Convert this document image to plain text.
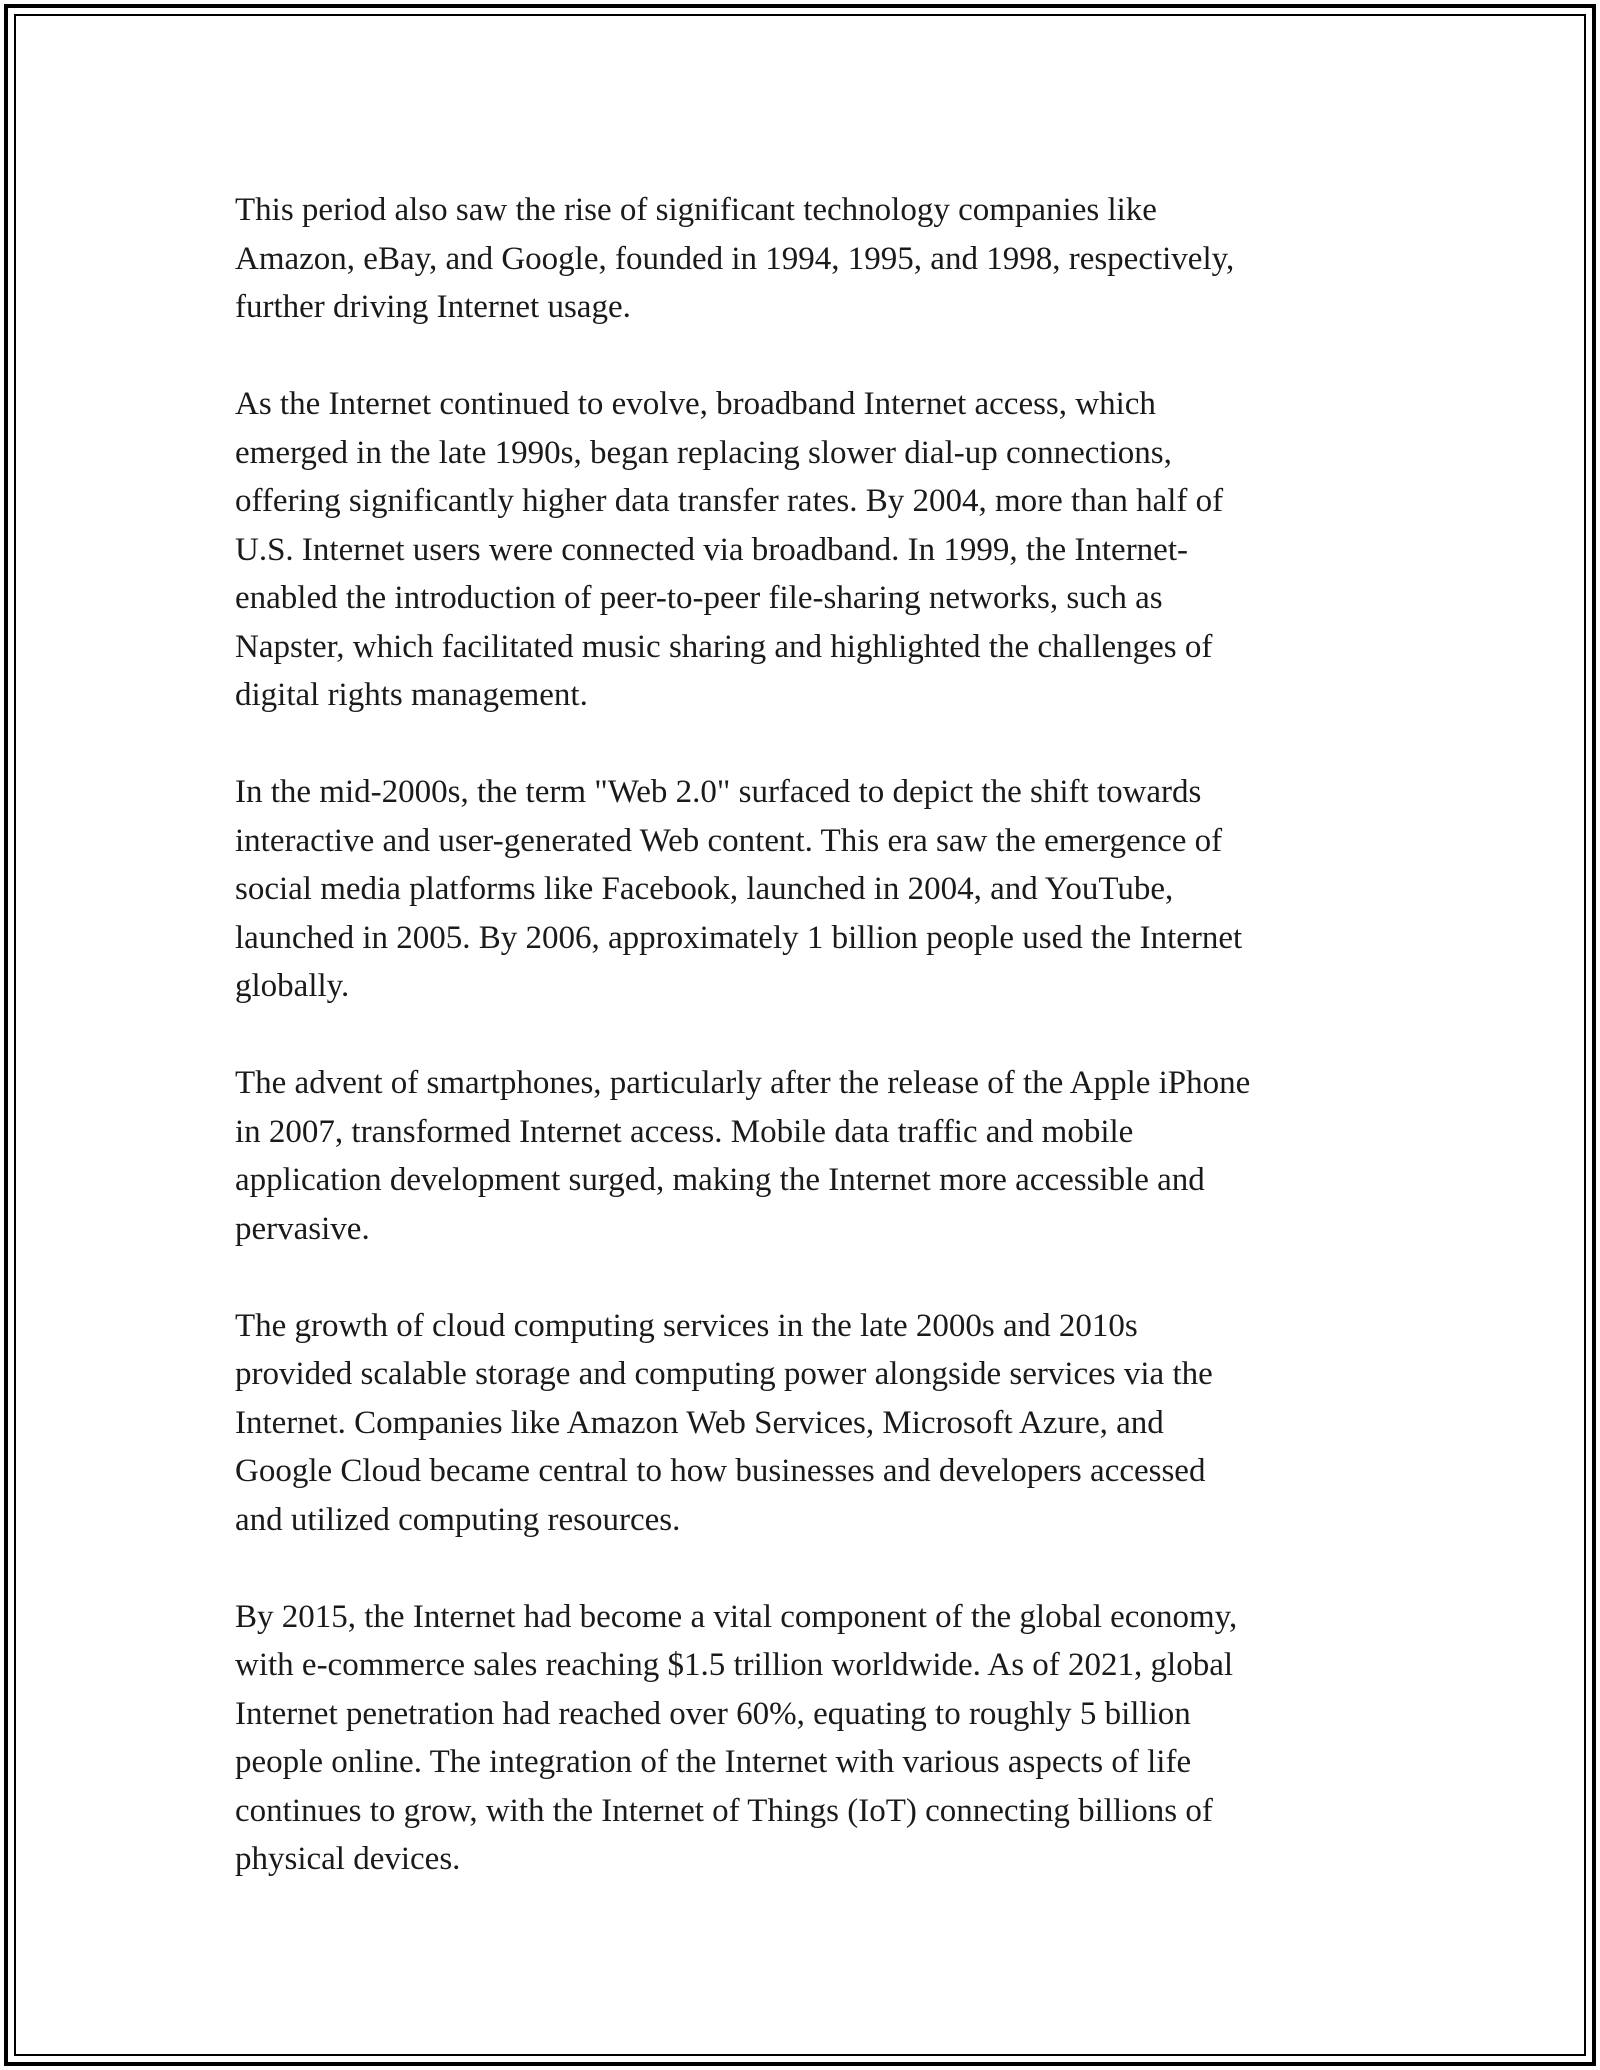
This period also saw the rise of significant technology companies like
Amazon, eBay, and Google, founded in 1994, 1995, and 1998, respectively,
further driving Internet usage.

As the Internet continued to evolve, broadband Internet access, which
emerged in the late 1990s, began replacing slower dial-up connections,
offering significantly higher data transfer rates. By 2004, more than half of
U.S. Internet users were connected via broadband. In 1999, the Internet-
enabled the introduction of peer-to-peer file-sharing networks, such as
Napster, which facilitated music sharing and highlighted the challenges of
digital rights management.

In the mid-2000s, the term "Web 2.0" surfaced to depict the shift towards
interactive and user-generated Web content. This era saw the emergence of
social media platforms like Facebook, launched in 2004, and YouTube,
launched in 2005. By 2006, approximately 1 billion people used the Internet
globally.

The advent of smartphones, particularly after the release of the Apple iPhone
in 2007, transformed Internet access. Mobile data traffic and mobile
application development surged, making the Internet more accessible and
pervasive.

The growth of cloud computing services in the late 2000s and 2010s
provided scalable storage and computing power alongside services via the
Internet. Companies like Amazon Web Services, Microsoft Azure, and
Google Cloud became central to how businesses and developers accessed
and utilized computing resources.

By 2015, the Internet had become a vital component of the global economy,
with e-commerce sales reaching $1.5 trillion worldwide. As of 2021, global
Internet penetration had reached over 60%, equating to roughly 5 billion
people online. The integration of the Internet with various aspects of life
continues to grow, with the Internet of Things (IoT) connecting billions of
physical devices.
